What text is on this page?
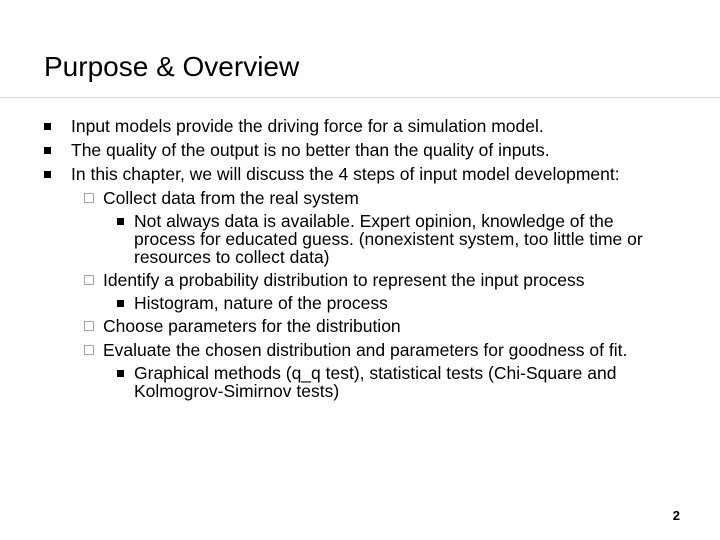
Purpose & Overview
Input models provide the driving force for a simulation model.
The quality of the output is no better than the quality of inputs.
In this chapter, we will discuss the 4 steps of input model development:
Collect data from the real system
Not always data is available. Expert opinion, knowledge of the process for educated guess. (nonexistent system, too little time or resources to collect data)
Identify a probability distribution to represent the input process
Histogram, nature of the process
Choose parameters for the distribution
Evaluate the chosen distribution and parameters for goodness of fit.
Graphical methods (q_q test), statistical tests (Chi-Square and Kolmogrov-Simirnov tests)
2
